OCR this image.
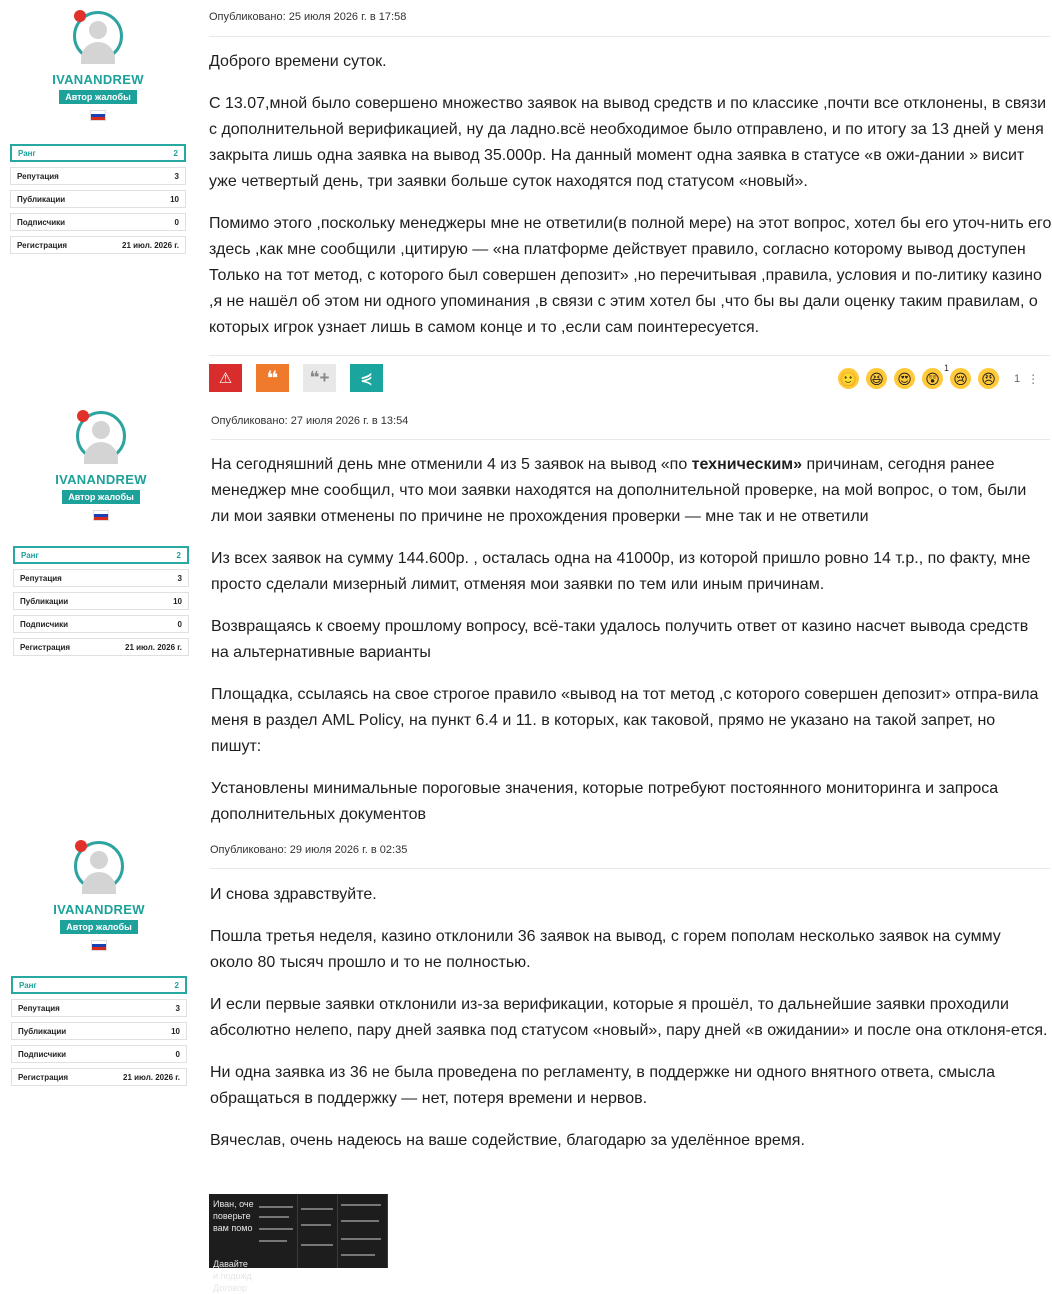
IVANANDREW
Автор жалобы
Ранг	2
Репутация	3
Публикации	10
Подписчики	0
Регистрация	21 июл. 2026 г.
Опубликовано: 25 июля 2026 г. в 17:58

Доброго времени суток.

С 13.07,мной было совершено множество заявок на вывод средств и по классике ,почти все отклонены, в связи с дополнительной верификацией, ну да ладно.всё необходимое было отправлено, и по итогу за 13 дней у меня закрыта лишь одна заявка на вывод 35.000р. На данный момент одна заявка в статусе «в ожи-дании » висит уже четвертый день, три заявки больше суток находятся под статусом «новый».

Помимо этого ,поскольку менеджеры мне не ответили(в полной мере) на этот вопрос, хотел бы его уточ-нить его здесь ,как мне сообщили ,цитирую — «на платформе действует правило, согласно которому вывод доступен Только на тот метод, с которого был совершен депозит» ,но перечитывая ,правила, условия и по-литику казино ,я не нашёл об этом ни одного упоминания ,в связи с этим хотел бы ,что бы вы дали оценку таким правилам, о которых игрок узнает лишь в самом конце и то ,если сам поинтересуется.

⚠ ❝ ❝+ ⋞	🙂 😆 😍 😲
$^1$
😢 😠 1 ⋮
IVANANDREW
Автор жалобы
Ранг	2
Репутация	3
Публикации	10
Подписчики	0
Регистрация	21 июл. 2026 г.
Опубликовано: 27 июля 2026 г. в 13:54

На сегодняшний день мне отменили 4 из 5 заявок на вывод «по техническим» причинам, сегодня ранее менеджер мне сообщил, что мои заявки находятся на дополнительной проверке, на мой вопрос, о том, были ли мои заявки отменены по причине не прохождения проверки — мне так и не ответили

Из всех заявок на сумму 144.600р. , осталась одна на 41000р, из которой пришло ровно 14 т.р., по факту, мне просто сделали мизерный лимит, отменяя мои заявки по тем или иным причинам.

Возвращаясь к своему прошлому вопросу, всё-таки удалось получить ответ от казино насчет вывода средств на альтернативные варианты

Площадка, ссылаясь на свое строгое правило «вывод на тот метод ,с которого совершен депозит» отпра-вила меня в раздел AML Policy, на пункт 6.4 и 11. в которых, как таковой, прямо не указано на такой запрет, но пишут:

Установлены минимальные пороговые значения, которые потребуют постоянного мониторинга и запроса дополнительных документов

IVANANDREW
Автор жалобы
Ранг	2
Репутация	3
Публикации	10
Подписчики	0
Регистрация	21 июл. 2026 г.
Опубликовано: 29 июля 2026 г. в 02:35

И снова здравствуйте.

Пошла третья неделя, казино отклонили 36 заявок на вывод, с горем пополам несколько заявок на сумму около 80 тысяч прошло и то не полностью.

И если первые заявки отклонили из-за верификации, которые я прошёл, то дальнейшие заявки проходили абсолютно нелепо, пару дней заявка под статусом «новый», пару дней «в ожидании» и после она отклоня-ется.

Ни одна заявка из 36 не была проведена по регламенту, в поддержке ни одного внятного ответа, смысла обращаться в поддержку — нет, потеря времени и нервов.

Вячеслав, очень надеюсь на ваше содействие, благодарю за уделённое время.

Иван, оче
поверьте
вам помо

Давайте
и подожд
Договор
